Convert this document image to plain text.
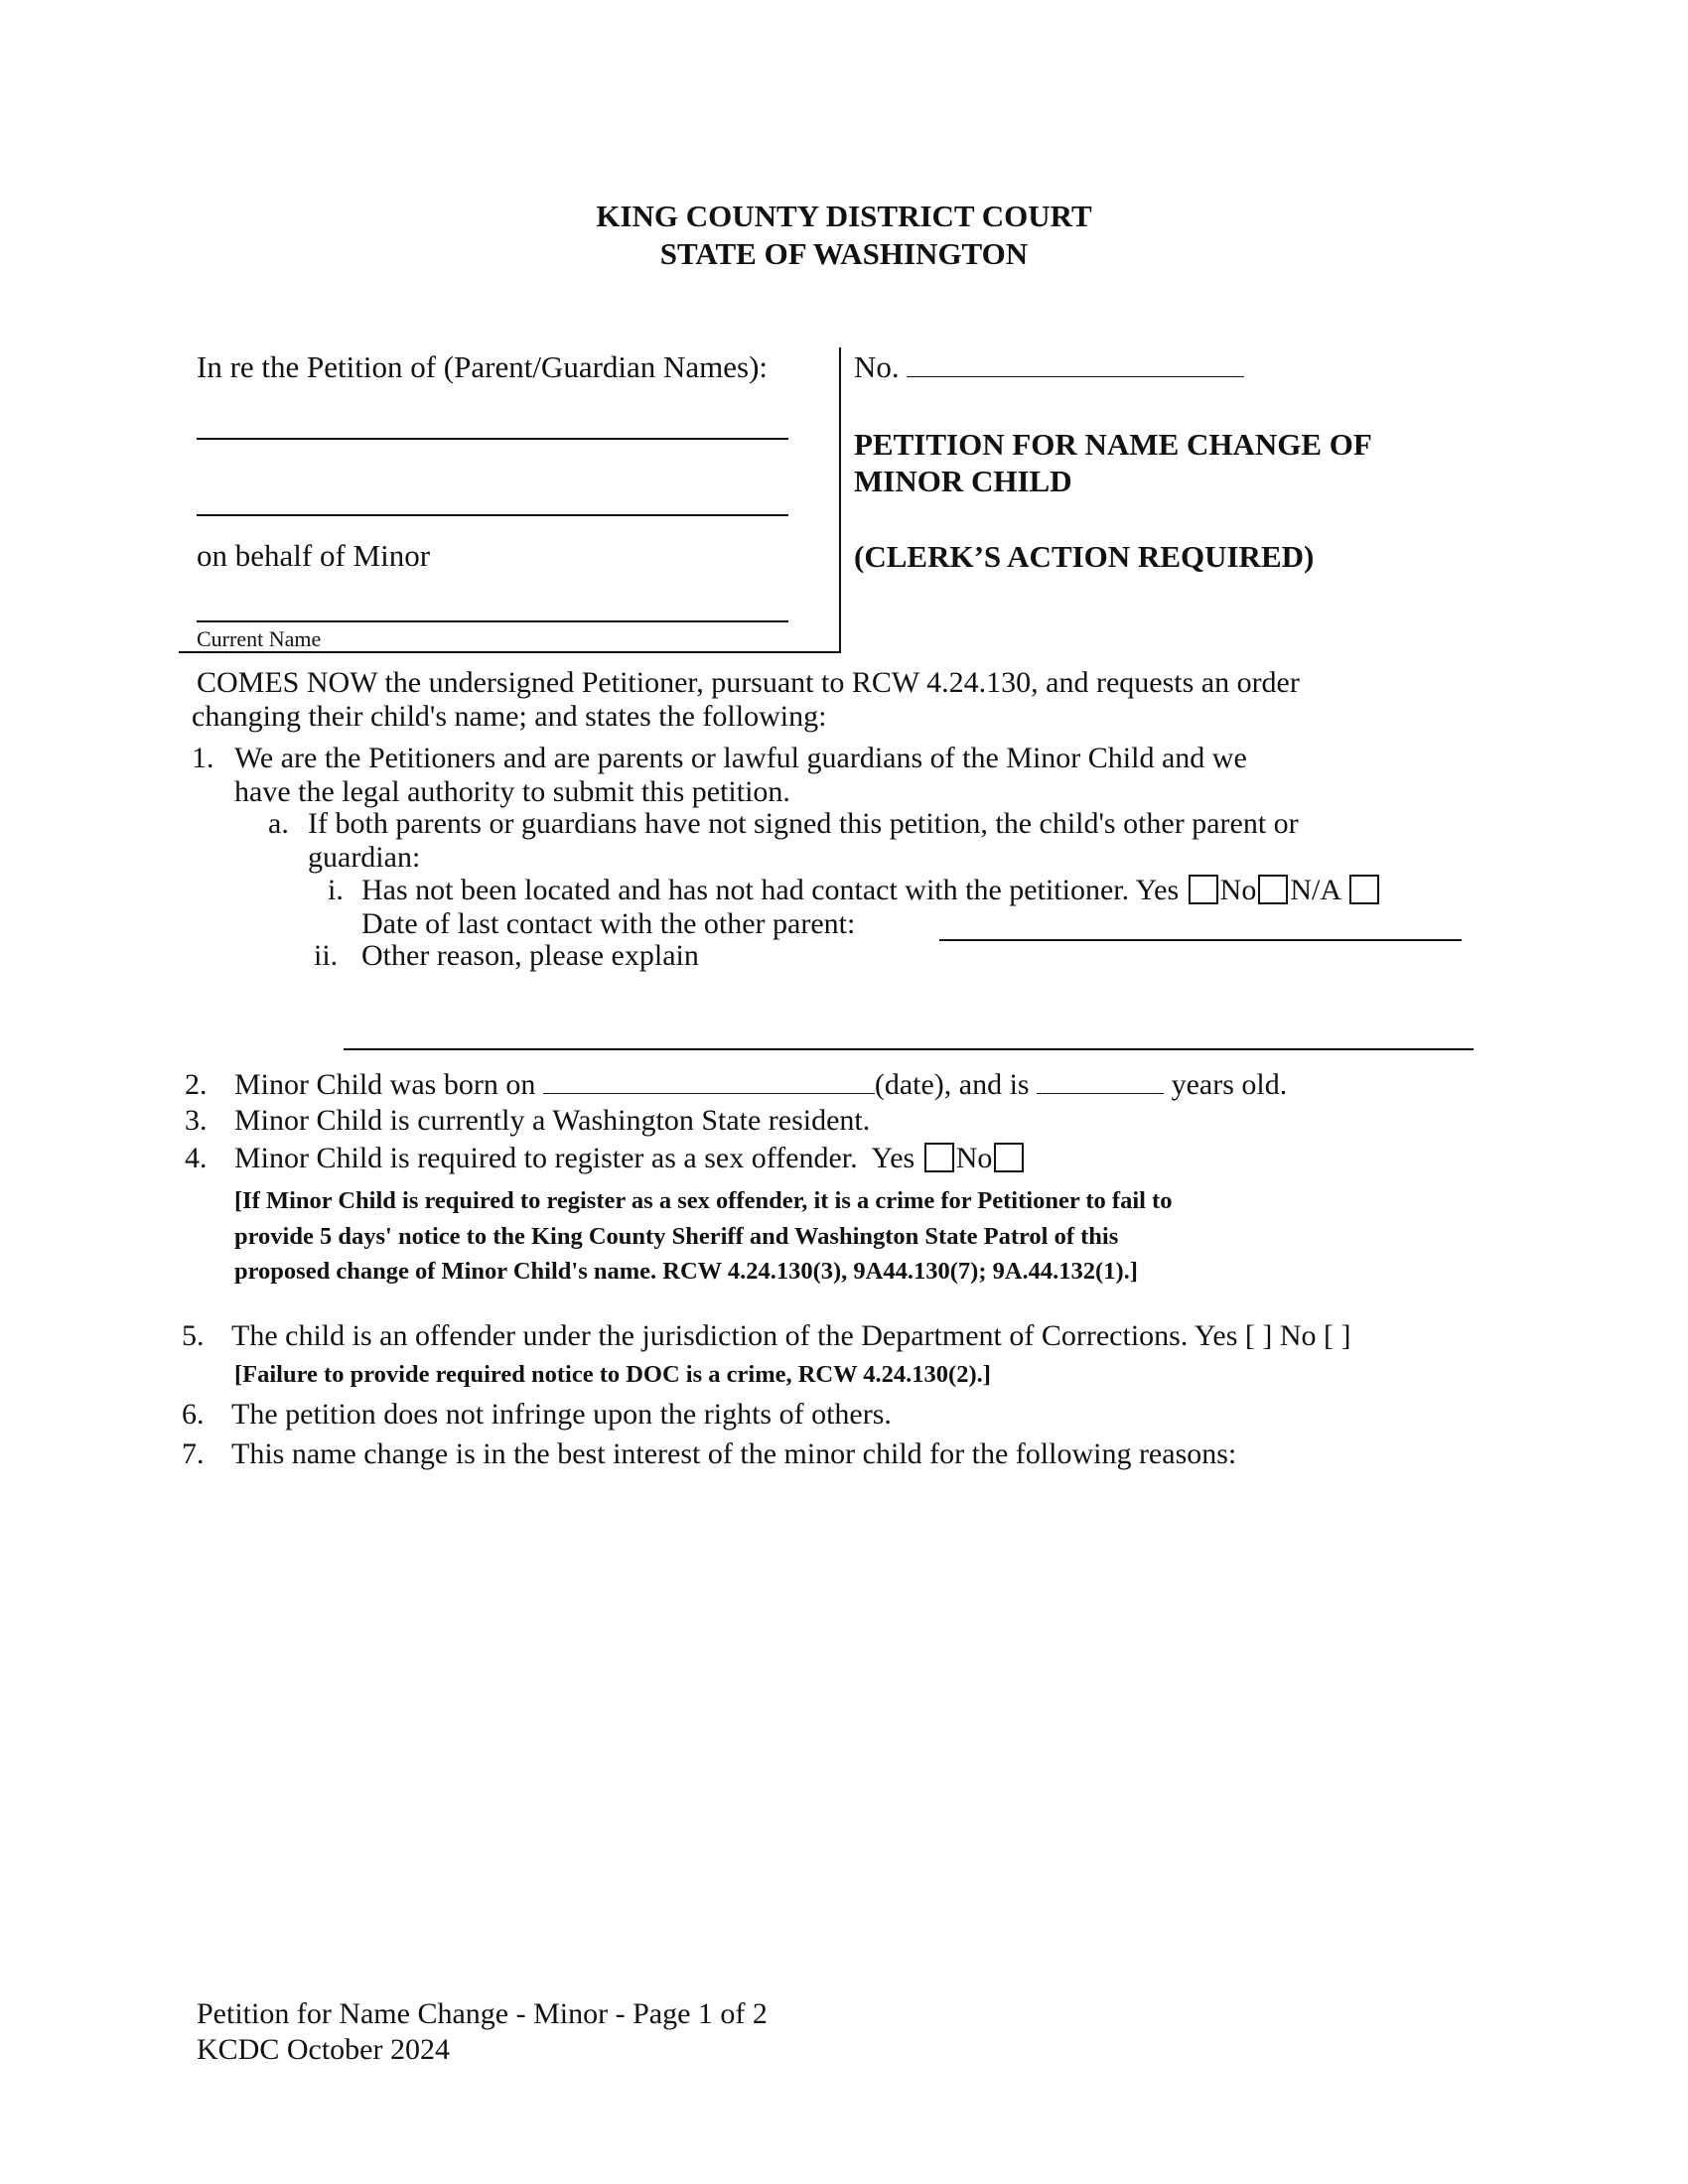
KING COUNTY DISTRICT COURT
STATE OF WASHINGTON
In re the Petition of (Parent/Guardian Names):
on behalf of Minor
Current Name
No.
PETITION FOR NAME CHANGE OF
MINOR CHILD
(CLERK’S ACTION REQUIRED)
COMES NOW the undersigned Petitioner, pursuant to RCW 4.24.130, and requests an order
changing their child's name; and states the following:
1. We are the Petitioners and are parents or lawful guardians of the Minor Child and we
have the legal authority to submit this petition.
a. If both parents or guardians have not signed this petition, the child's other parent or
guardian:
i. Has not been located and has not had contact with the petitioner. Yes No N/A
Date of last contact with the other parent:
ii. Other reason, please explain
2. Minor Child was born on	(date), and is	years old.
3. Minor Child is currently a Washington State resident.
4. Minor Child is required to register as a sex offender. Yes No
[If Minor Child is required to register as a sex offender, it is a crime for Petitioner to fail to
provide 5 days' notice to the King County Sheriff and Washington State Patrol of this
proposed change of Minor Child's name. RCW 4.24.130(3), 9A44.130(7); 9A.44.132(1).]
5. The child is an offender under the jurisdiction of the Department of Corrections. Yes [ ] No [ ]
[Failure to provide required notice to DOC is a crime, RCW 4.24.130(2).]
6. The petition does not infringe upon the rights of others.
7. This name change is in the best interest of the minor child for the following reasons:
Petition for Name Change - Minor - Page 1 of 2
KCDC October 2024
